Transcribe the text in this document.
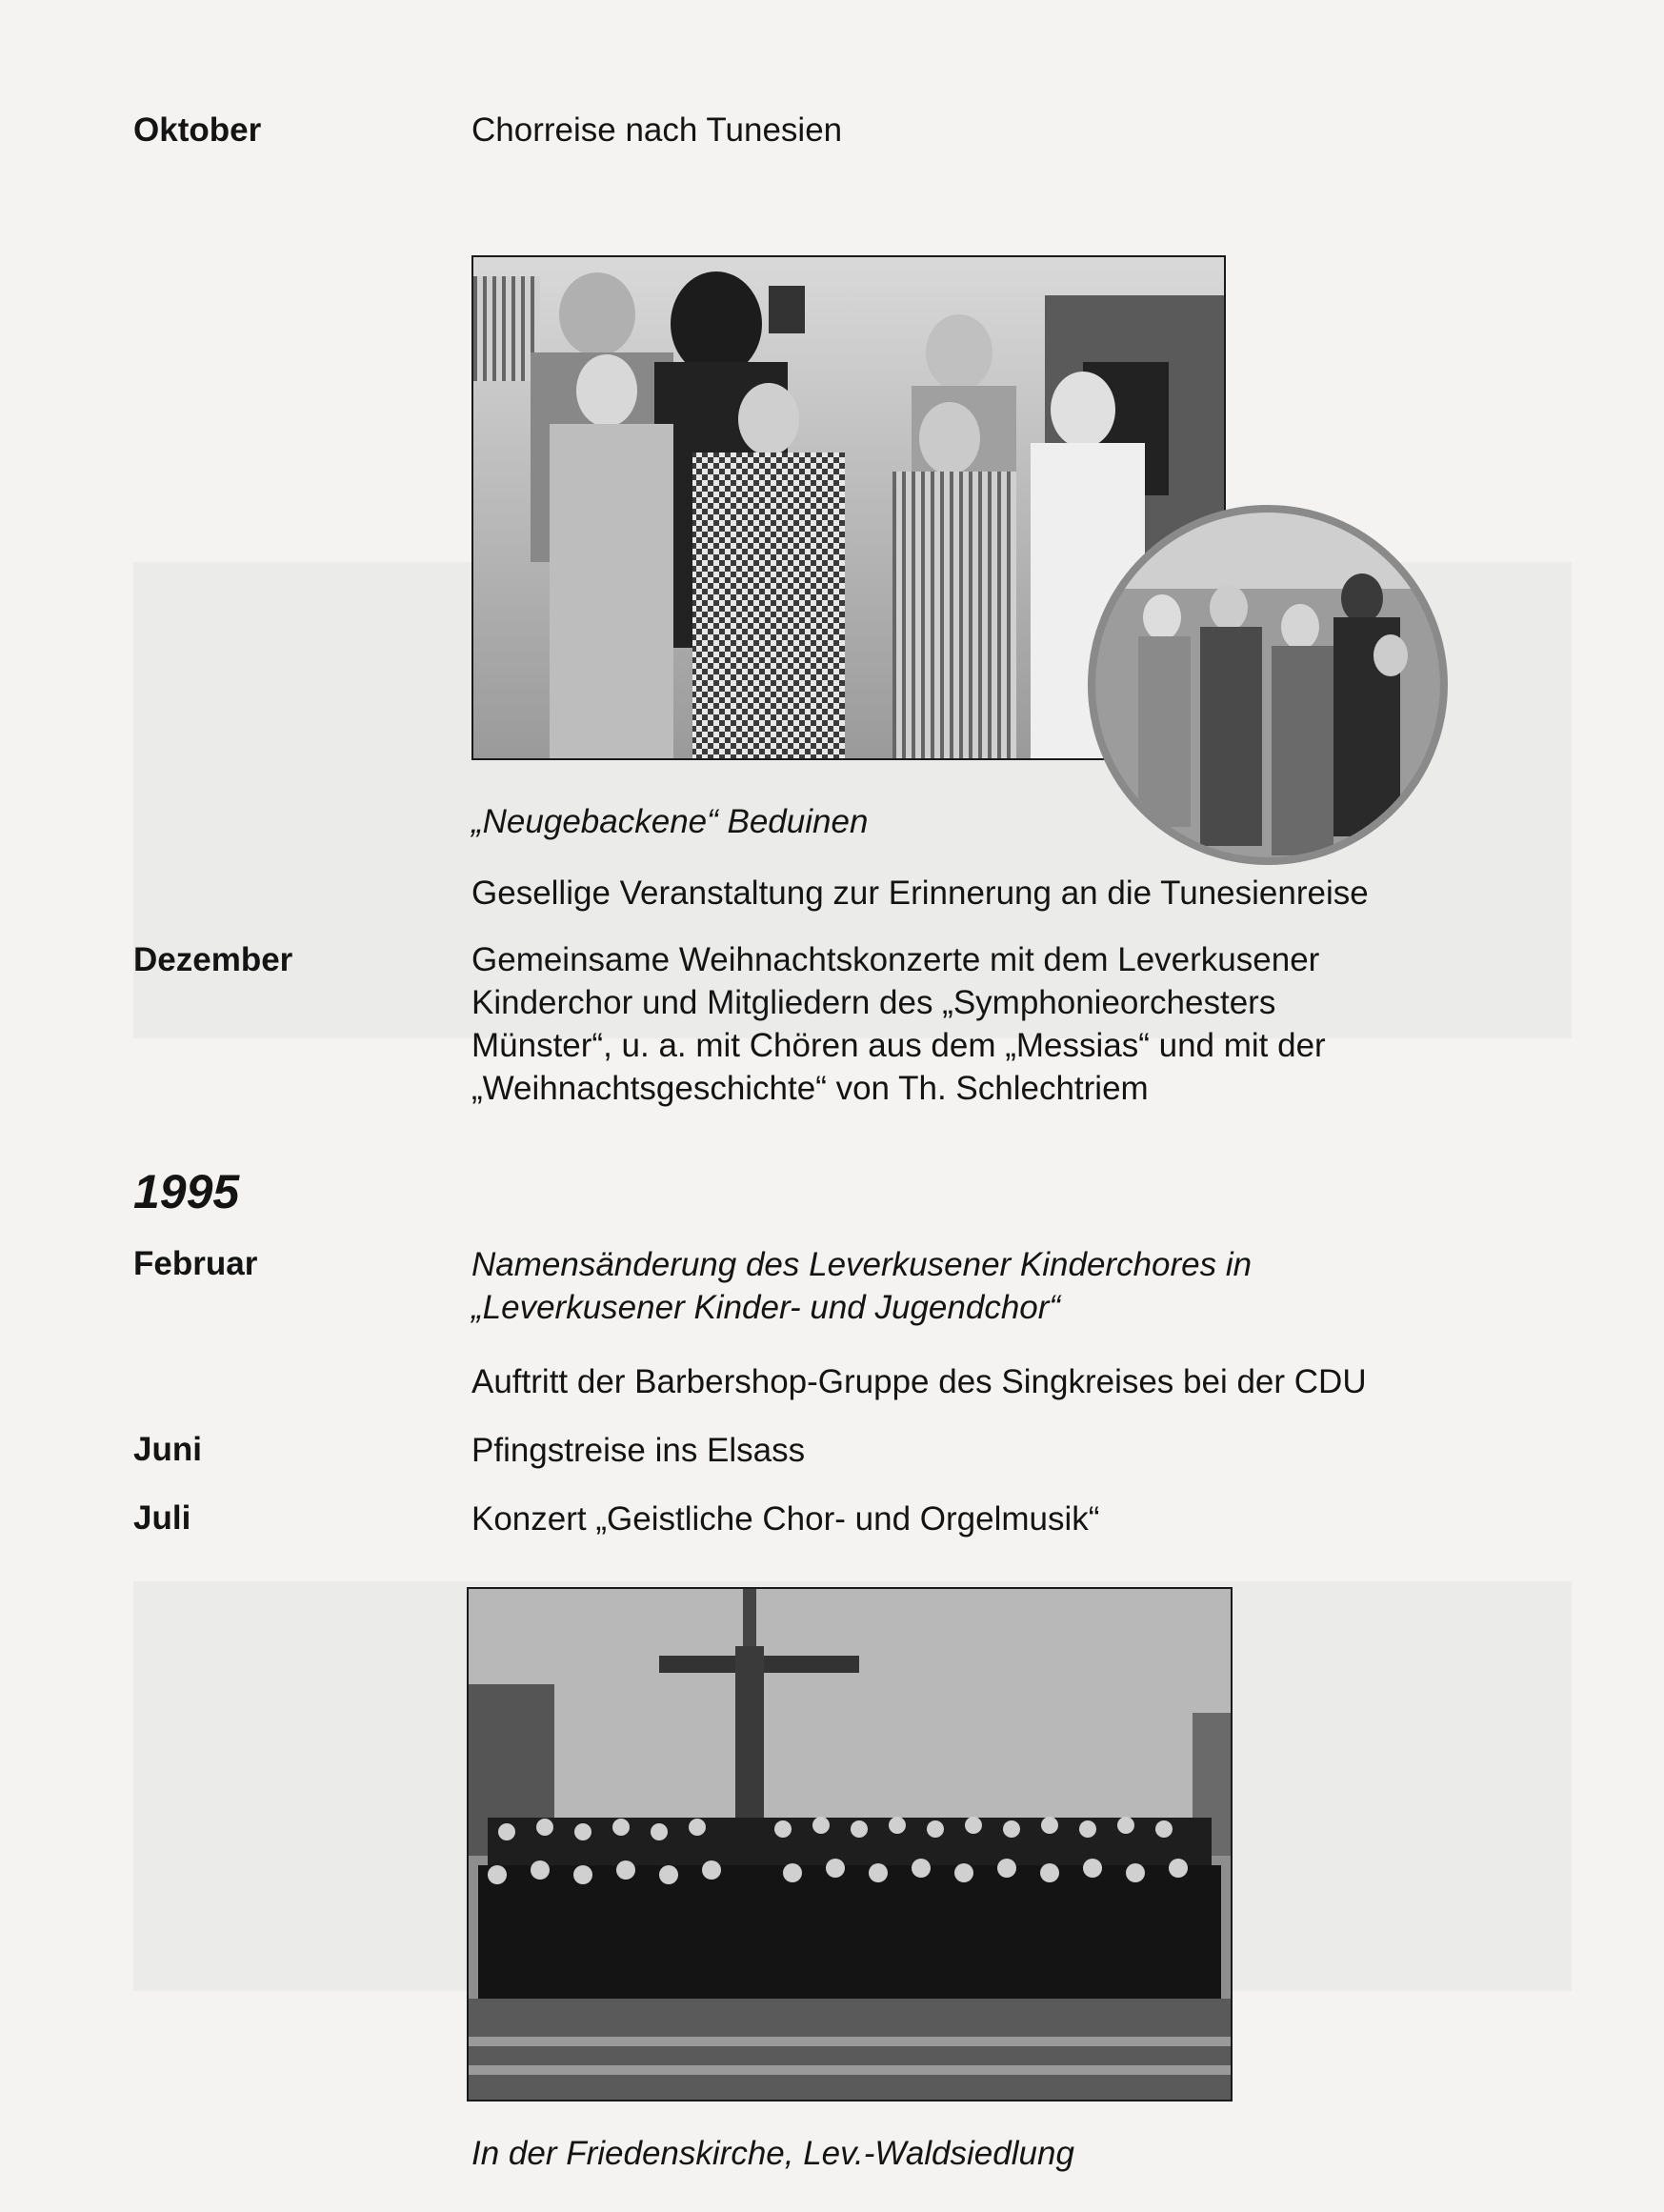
Oktober	Chorreise nach Tunesien
„Neugebackene“ Beduinen
Gesellige Veranstaltung zur Erinnerung an die Tunesienreise
Dezember	Gemeinsame Weihnachtskonzerte mit dem Leverkusener
Kinderchor und Mitgliedern des „Symphonieorchesters
Münster“, u. a. mit Chören aus dem „Messias“ und mit der
„Weihnachtsgeschichte“ von Th. Schlechtriem
1995
Februar	Namensänderung des Leverkusener Kinderchores in
„Leverkusener Kinder- und Jugendchor“
Auftritt der Barbershop-Gruppe des Singkreises bei der CDU
Juni	Pfingstreise ins Elsass
Juli	Konzert „Geistliche Chor- und Orgelmusik“
In der Friedenskirche, Lev.-Waldsiedlung
